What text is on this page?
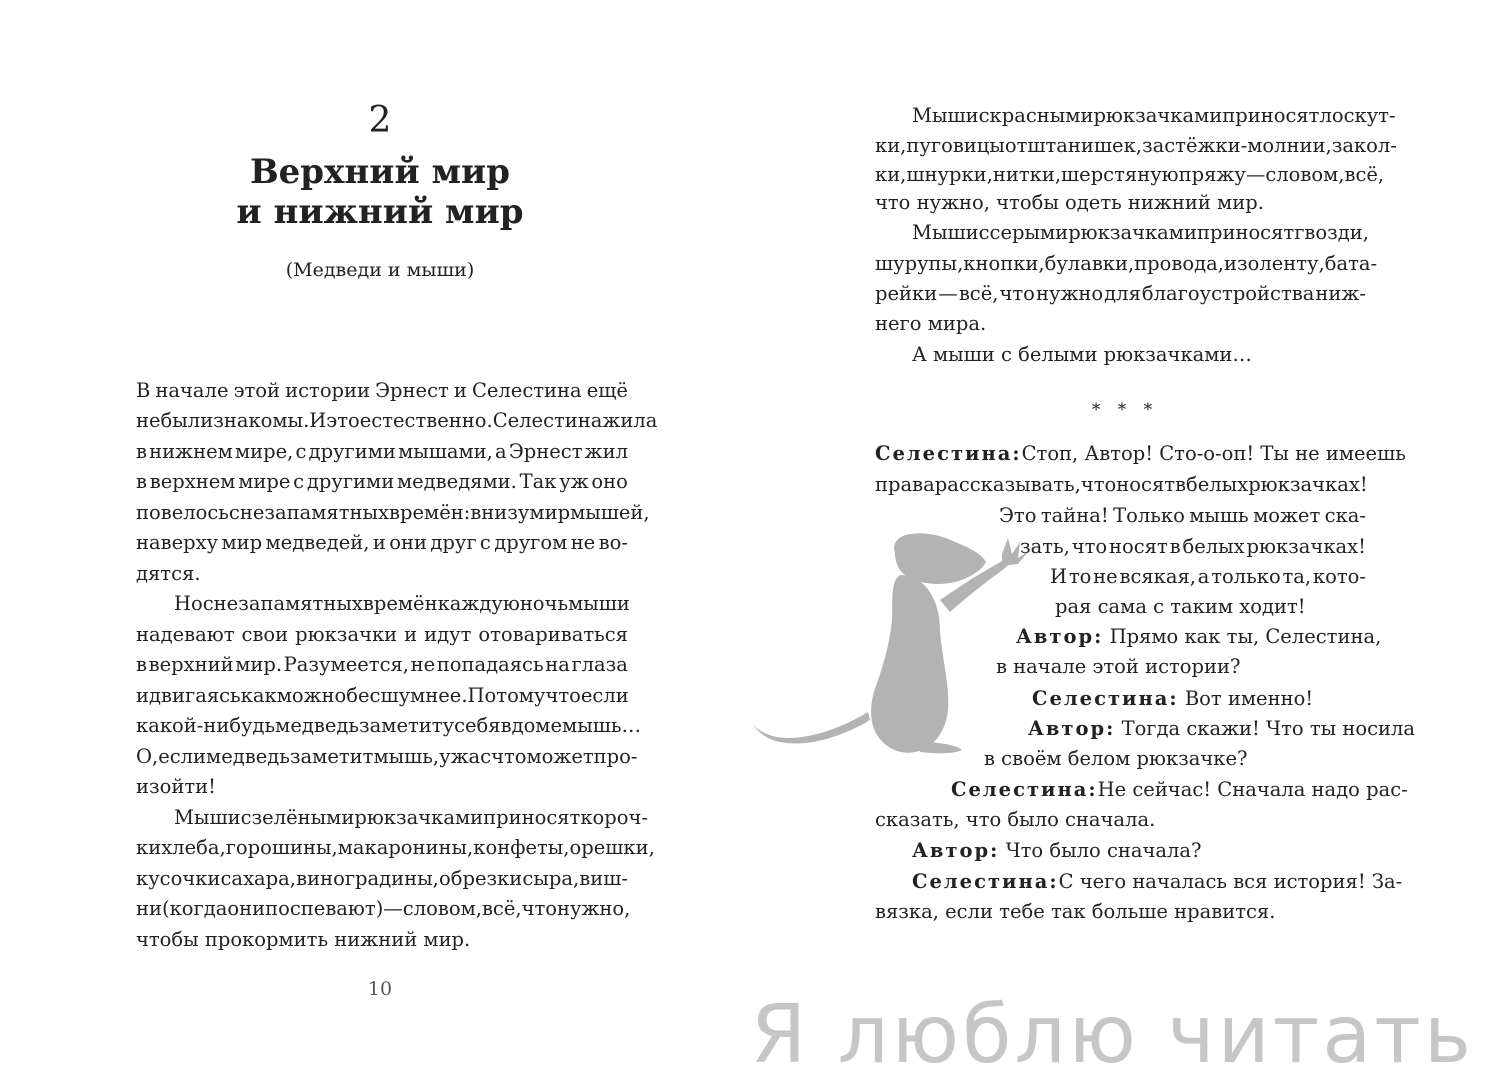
2
Верхний мир
и нижний мир
(Медведи и мыши)
В начале этой истории Эрнест и Селестина ещё
не были знакомы. И это естественно. Селестина жила
в нижнем мире, с другими мышами, а Эрнест жил
в верхнем мире с другими медведями. Так уж оно
повелось с незапамятных времён: внизу мир мышей,
наверху мир медведей, и они друг с другом не во-
дятся.
Но с незапамятных времён каждую ночь мыши
надевают свои рюкзачки и идут отовариваться
в верхний мир. Разумеется, не попадаясь на глаза
и двигаясь как можно бесшумнее. Потому что если
какой-нибудь медведь заметит у себя в доме мышь…
О, если медведь заметит мышь, ужас что может про-
изойти!
Мыши с зелёными рюкзачками приносят короч-
ки хлеба, горошины, макаронины, конфеты, орешки,
кусочки сахара, виноградины, обрезки сыра, виш-
ни (когда они поспевают) — словом, всё, что нужно,
чтобы прокормить нижний мир.
10
Мыши с красными рюкзачками приносят лоскут-
ки, пуговицы от штанишек, застёжки-молнии, закол-
ки, шнурки, нитки, шерстяную пряжу — словом, всё,
что нужно, чтобы одеть нижний мир.
Мыши с серыми рюкзачками приносят гвозди,
шурупы, кнопки, булавки, провода, изоленту, бата-
рейки — всё, что нужно для благоустройства ниж-
него мира.
А мыши с белыми рюкзачками…
* * *
Селестина: Стоп, Автор! Сто-о-оп! Ты не имеешь
права рассказывать, что носят в белых рюкзачках!
Это тайна! Только мышь может ска-
зать, что носят в белых рюкзачках!
И то не всякая, а только та, кото-
рая сама с таким ходит!
Автор: Прямо как ты, Селестина,
в начале этой истории?
Селестина: Вот именно!
Автор: Тогда скажи! Что ты носила
в своём белом рюкзачке?
Селестина: Не сейчас! Сначала надо рас-
сказать, что было сначала.
Автор: Что было сначала?
Селестина: С чего началась вся история! За-
вязка, если тебе так больше нравится.
Я люблю читать
